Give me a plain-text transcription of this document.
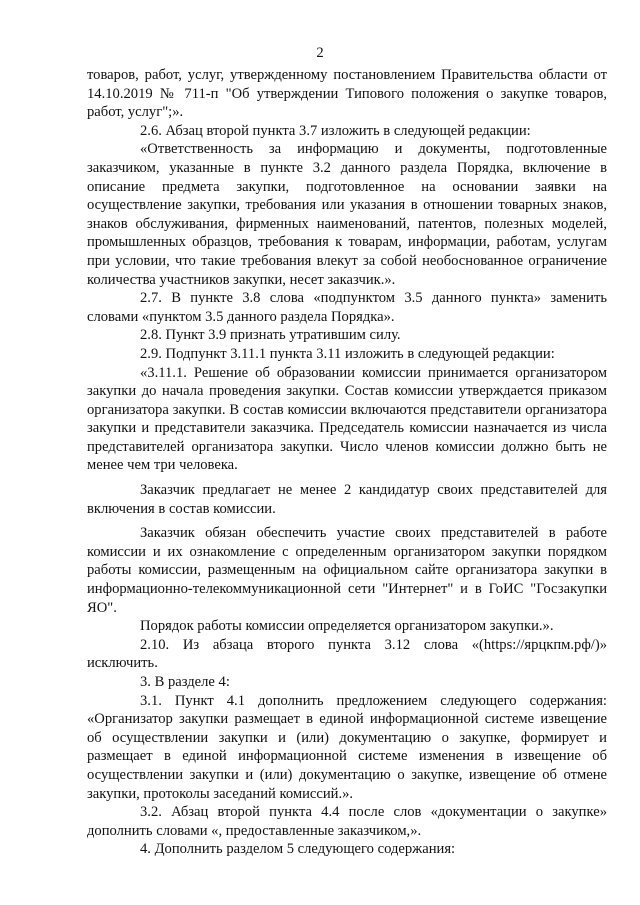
2

товаров, работ, услуг, утвержденному постановлением Правительства области от 14.10.2019 № 711-п "Об утверждении Типового положения о закупке товаров, работ, услуг";».

2.6. Абзац второй пункта 3.7 изложить в следующей редакции:

«Ответственность за информацию и документы, подготовленные заказчиком, указанные в пункте 3.2 данного раздела Порядка, включение в описание предмета закупки, подготовленное на основании заявки на осуществление закупки, требования или указания в отношении товарных знаков, знаков обслуживания, фирменных наименований, патентов, полезных моделей, промышленных образцов, требования к товарам, информации, работам, услугам при условии, что такие требования влекут за собой необоснованное ограничение количества участников закупки, несет заказчик.».

2.7. В пункте 3.8 слова «подпунктом 3.5 данного пункта» заменить словами «пунктом 3.5 данного раздела Порядка».

2.8. Пункт 3.9 признать утратившим силу.

2.9. Подпункт 3.11.1 пункта 3.11 изложить в следующей редакции:

«3.11.1. Решение об образовании комиссии принимается организатором закупки до начала проведения закупки. Состав комиссии утверждается приказом организатора закупки. В состав комиссии включаются представители организатора закупки и представители заказчика. Председатель комиссии назначается из числа представителей организатора закупки. Число членов комиссии должно быть не менее чем три человека.

Заказчик предлагает не менее 2 кандидатур своих представителей для включения в состав комиссии.

Заказчик обязан обеспечить участие своих представителей в работе комиссии и их ознакомление с определенным организатором закупки порядком работы комиссии, размещенным на официальном сайте организатора закупки в информационно-телекоммуникационной сети "Интернет" и в ГоИС "Госзакупки ЯО".

Порядок работы комиссии определяется организатором закупки.».

2.10. Из абзаца второго пункта 3.12 слова «(https://ярцкпм.рф/)» исключить.

3. В разделе 4:

3.1. Пункт 4.1 дополнить предложением следующего содержания: «Организатор закупки размещает в единой информационной системе извещение об осуществлении закупки и (или) документацию о закупке, формирует и размещает в единой информационной системе изменения в извещение об осуществлении закупки и (или) документацию о закупке, извещение об отмене закупки, протоколы заседаний комиссий.».

3.2. Абзац второй пункта 4.4 после слов «документации о закупке» дополнить словами «, предоставленные заказчиком,».

4. Дополнить разделом 5 следующего содержания:
